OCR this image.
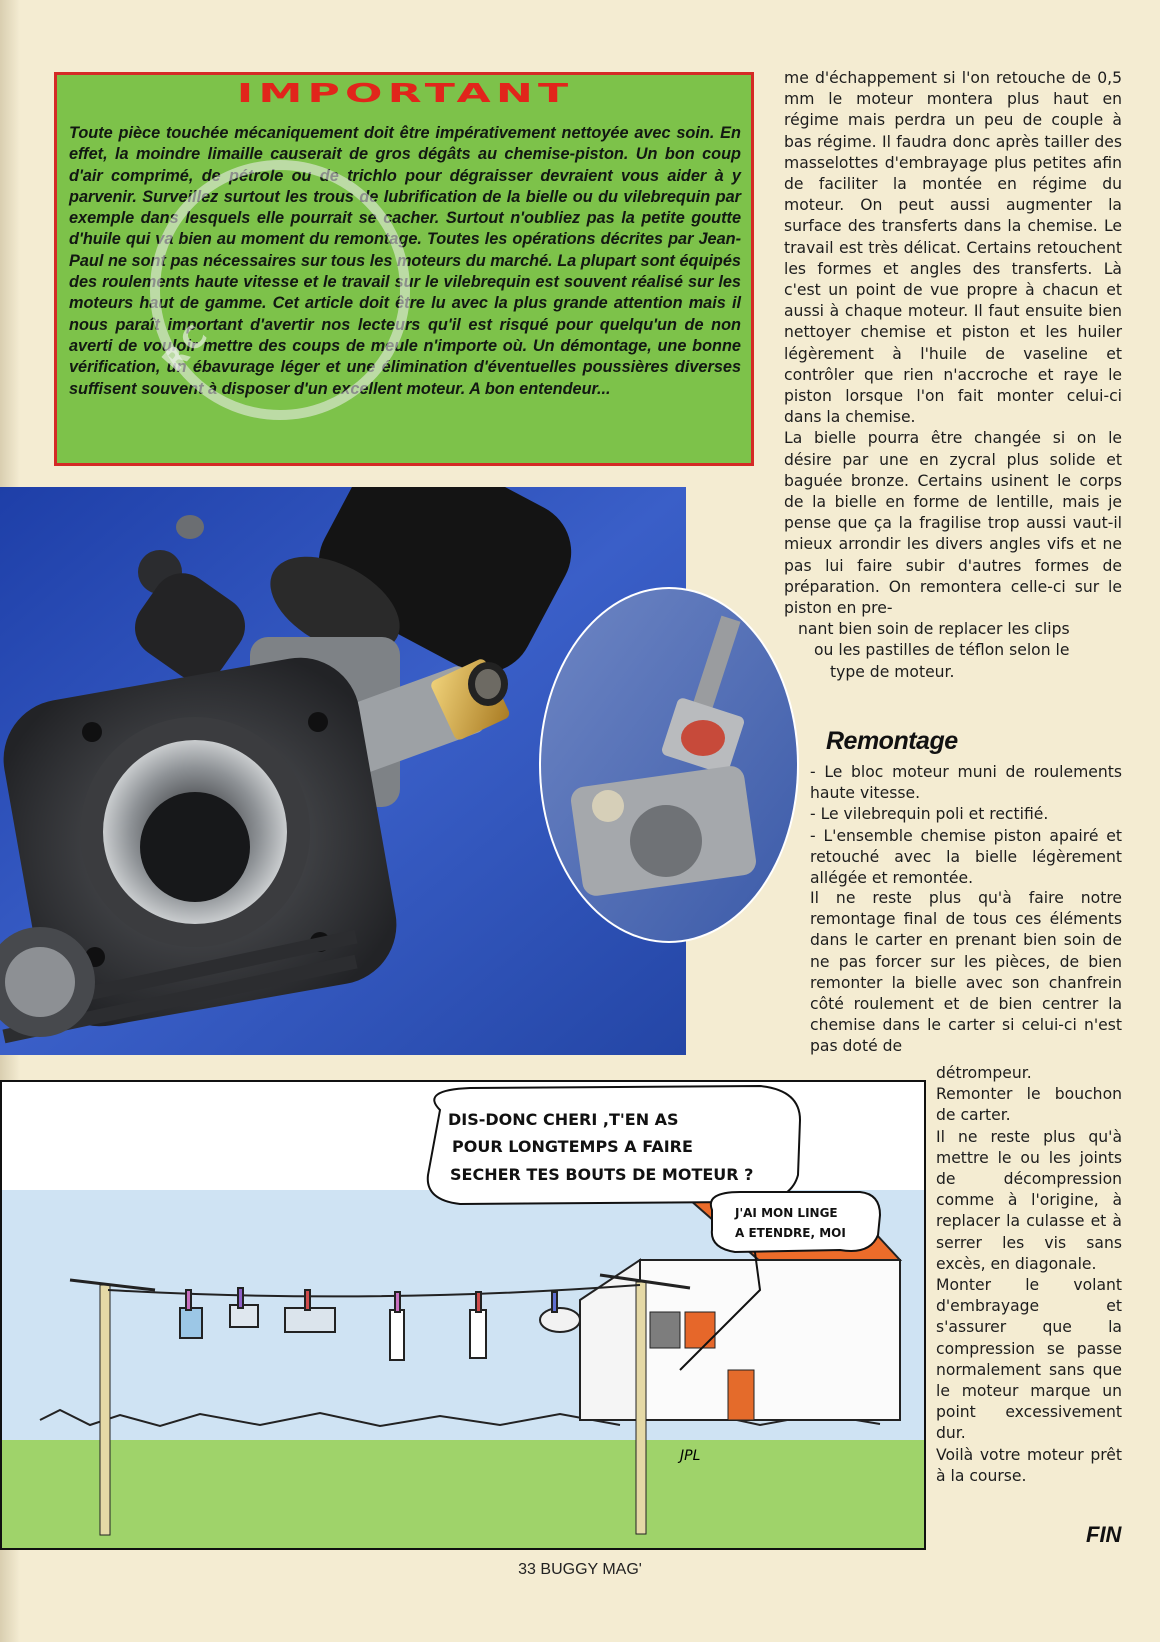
IMPORTANT

Toute pièce touchée mécaniquement doit être impérativement nettoyée avec soin. En effet, la moindre limaille causerait de gros dégâts au chemise-piston. Un bon coup d'air comprimé, de pétrole ou de trichlo pour dégraisser devraient vous aider à y parvenir. Surveillez surtout les trous de lubrification de la bielle ou du vilebrequin par exemple dans lesquels elle pourrait se cacher. Surtout n'oubliez pas la petite goutte d'huile qui va bien au moment du remontage. Toutes les opérations décrites par Jean-Paul ne sont pas nécessaires sur tous les moteurs du marché. La plupart sont équipés des roulements haute vitesse et le travail sur le vilebrequin est souvent réalisé sur les moteurs haut de gamme. Cet article doit être lu avec la plus grande attention mais il nous paraît important d'avertir nos lecteurs qu'il est risqué pour quelqu'un de non averti de vouloir mettre des coups de meule n'importe où. Un démontage, une bonne vérification, un ébavurage léger et une élimination d'éventuelles poussières diverses suffisent souvent à disposer d'un excellent moteur. A bon entendeur...

RC
me d'échappement si l'on retouche de 0,5 mm le moteur montera plus haut en régime mais perdra un peu de couple à bas régime. Il faudra donc après tailler des masselottes d'embrayage plus petites afin de faciliter la montée en régime du moteur. On peut aussi augmenter la surface des transferts dans la chemise. Le travail est très délicat. Certains retouchent les formes et angles des transferts. Là c'est un point de vue propre à chacun et aussi à chaque moteur. Il faut ensuite bien nettoyer chemise et piston et les huiler légèrement à l'huile de vaseline et contrôler que rien n'accroche et raye le piston lorsque l'on fait monter celui-ci dans la chemise.
La bielle pourra être changée si on le désire par une en zycral plus solide et baguée bronze. Certains usinent le corps de la bielle en forme de lentille, mais je pense que ça la fragilise trop aussi vaut-il mieux arrondir les divers angles vifs et ne pas lui faire subir d'autres formes de préparation. On remontera celle-ci sur le piston en pre-
nant bien soin de replacer les clips
ou les pastilles de téflon selon le
type de moteur.
Remontage
- Le bloc moteur muni de roulements haute vitesse.
- Le vilebrequin poli et rectifié.
- L'ensemble chemise piston apairé et retouché avec la bielle légèrement allégée et remontée.
Il ne reste plus qu'à faire notre remontage final de tous ces éléments dans le carter en prenant bien soin de ne pas forcer sur les pièces, de bien remonter la bielle avec son chanfrein côté roulement et de bien centrer la chemise dans le carter si celui-ci n'est pas doté de
détrompeur.
Remonter le bouchon de carter.
Il ne reste plus qu'à mettre le ou les joints de décompression comme à l'origine, à replacer la culasse et à serrer les vis sans excès, en diagonale.
Monter le volant d'embrayage et s'assurer que la compression se passe normalement sans que le moteur marque un point excessivement dur.
Voilà votre moteur prêt à la course.
FIN
DIS-DONC CHERI ,T'EN AS
POUR LONGTEMPS A FAIRE
SECHER TES BOUTS DE MOTEUR ?
J'AI MON LINGE
A ETENDRE, MOI
JPL
33 BUGGY MAG'
